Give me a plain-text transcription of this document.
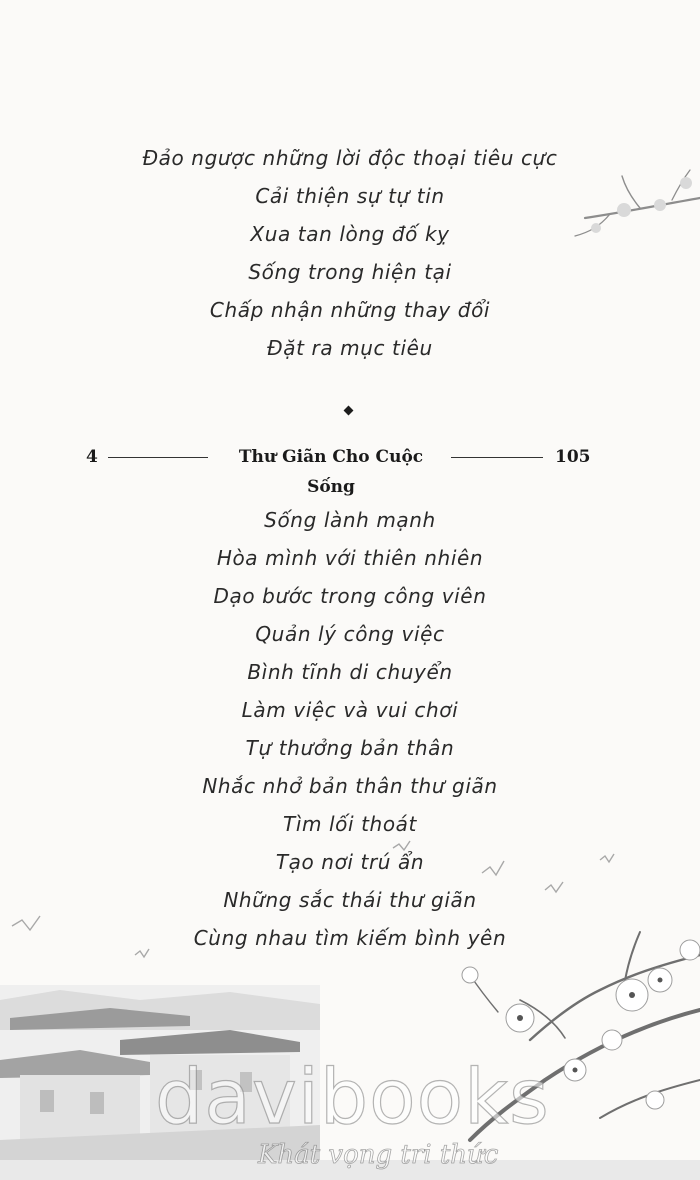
Đảo ngược những lời độc thoại tiêu cực
Cải thiện sự tự tin
Xua tan lòng đố kỵ
Sống trong hiện tại
Chấp nhận những thay đổi
Đặt ra mục tiêu
4	Thư Giãn Cho Cuộc Sống
105
Sống lành mạnh
Hòa mình với thiên nhiên
Dạo bước trong công viên
Quản lý công việc
Bình tĩnh di chuyển
Làm việc và vui chơi
Tự thưởng bản thân
Nhắc nhở bản thân thư giãn
Tìm lối thoát
Tạo nơi trú ẩn
Những sắc thái thư giãn
Cùng nhau tìm kiếm bình yên
davibooks
Khát vọng tri thức
